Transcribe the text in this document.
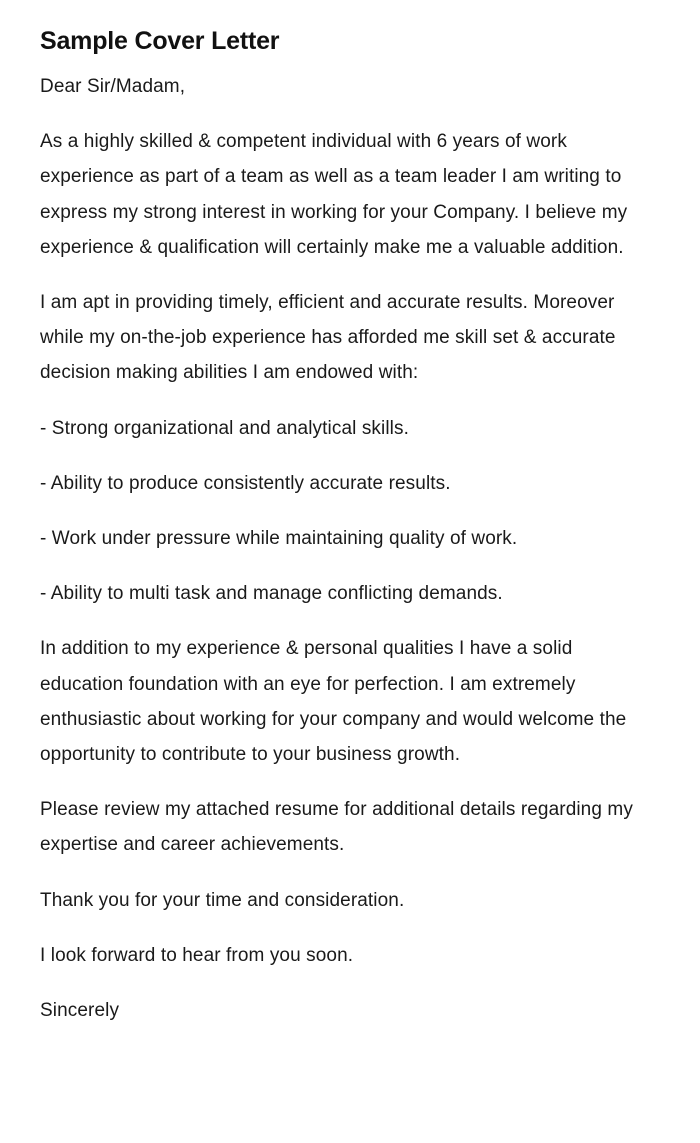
Sample Cover Letter

Dear Sir/Madam,

As a highly skilled & competent individual with 6 years of work experience as part of a team as well as a team leader I am writing to express my strong interest in working for your Company. I believe my experience & qualification will certainly make me a valuable addition.

I am apt in providing timely, efficient and accurate results. Moreover while my on-the-job experience has afforded me skill set & accurate decision making abilities I am endowed with:

- Strong organizational and analytical skills.

- Ability to produce consistently accurate results.

- Work under pressure while maintaining quality of work.

- Ability to multi task and manage conflicting demands.

In addition to my experience & personal qualities I have a solid education foundation with an eye for perfection. I am extremely enthusiastic about working for your company and would welcome the opportunity to contribute to your business growth.

Please review my attached resume for additional details regarding my expertise and career achievements.

Thank you for your time and consideration.

I look forward to hear from you soon.

Sincerely
